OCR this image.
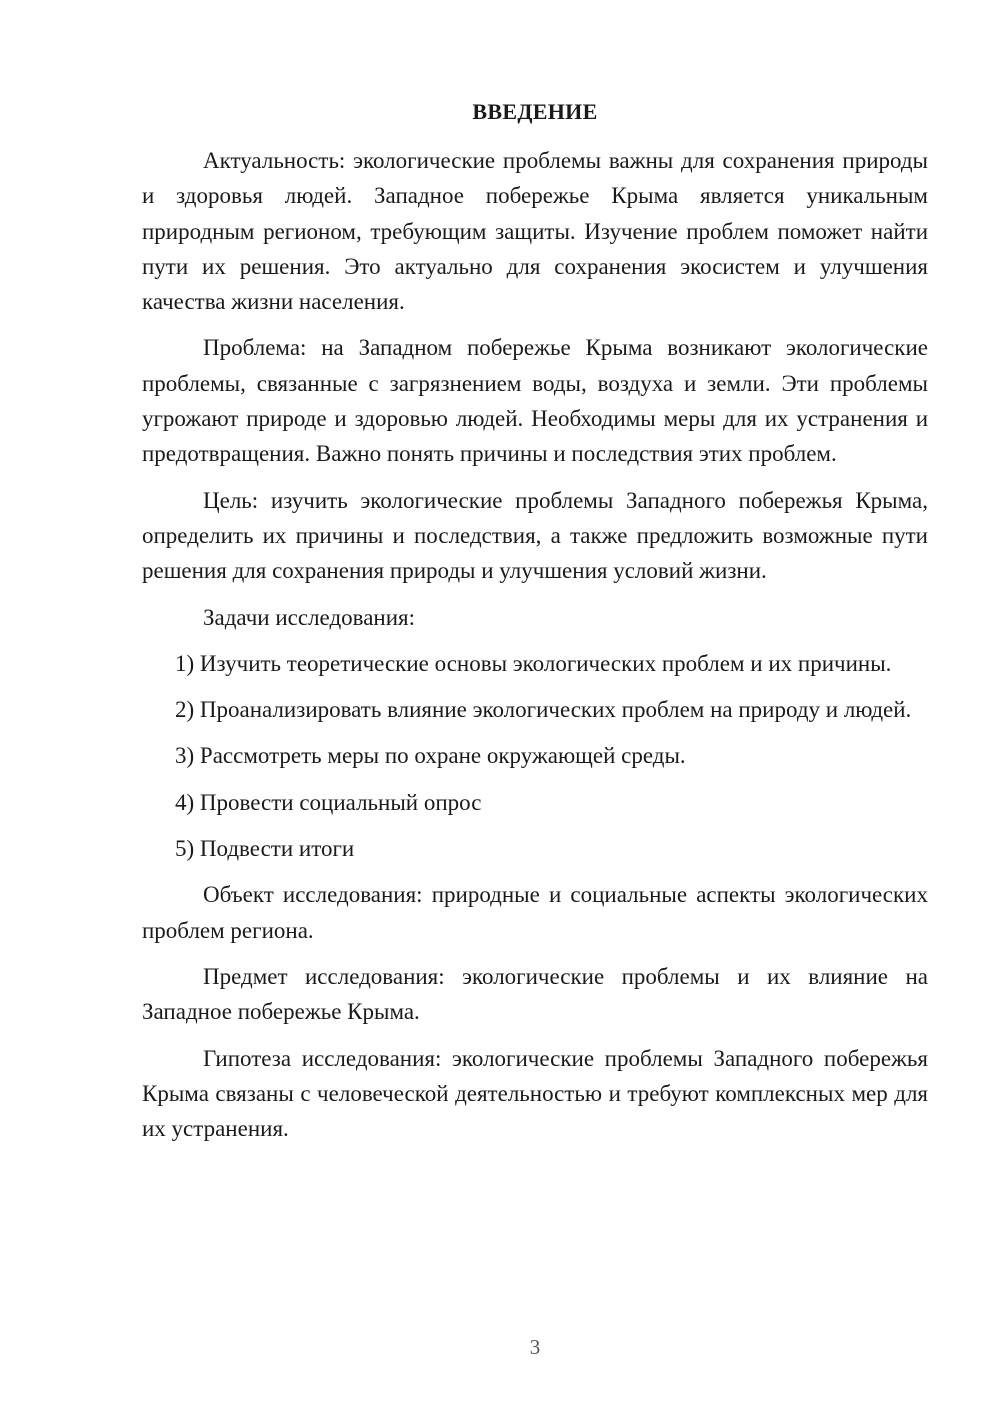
ВВЕДЕНИЕ

Актуальность: экологические проблемы важны для сохранения природы и здоровья людей. Западное побережье Крыма является уникальным природным регионом, требующим защиты. Изучение проблем поможет найти пути их решения. Это актуально для сохранения экосистем и улучшения качества жизни населения.

Проблема: на Западном побережье Крыма возникают экологические проблемы, связанные с загрязнением воды, воздуха и земли. Эти проблемы угрожают природе и здоровью людей. Необходимы меры для их устранения и предотвращения. Важно понять причины и последствия этих проблем.

Цель: изучить экологические проблемы Западного побережья Крыма, определить их причины и последствия, а также предложить возможные пути решения для сохранения природы и улучшения условий жизни.

Задачи исследования:

1) Изучить теоретические основы экологических проблем и их причины.

2) Проанализировать влияние экологических проблем на природу и людей.

3) Рассмотреть меры по охране окружающей среды.

4) Провести социальный опрос

5) Подвести итоги

Объект исследования: природные и социальные аспекты экологических проблем региона.

Предмет исследования: экологические проблемы и их влияние на Западное побережье Крыма.

Гипотеза исследования: экологические проблемы Западного побережья Крыма связаны с человеческой деятельностью и требуют комплексных мер для их устранения.

3
